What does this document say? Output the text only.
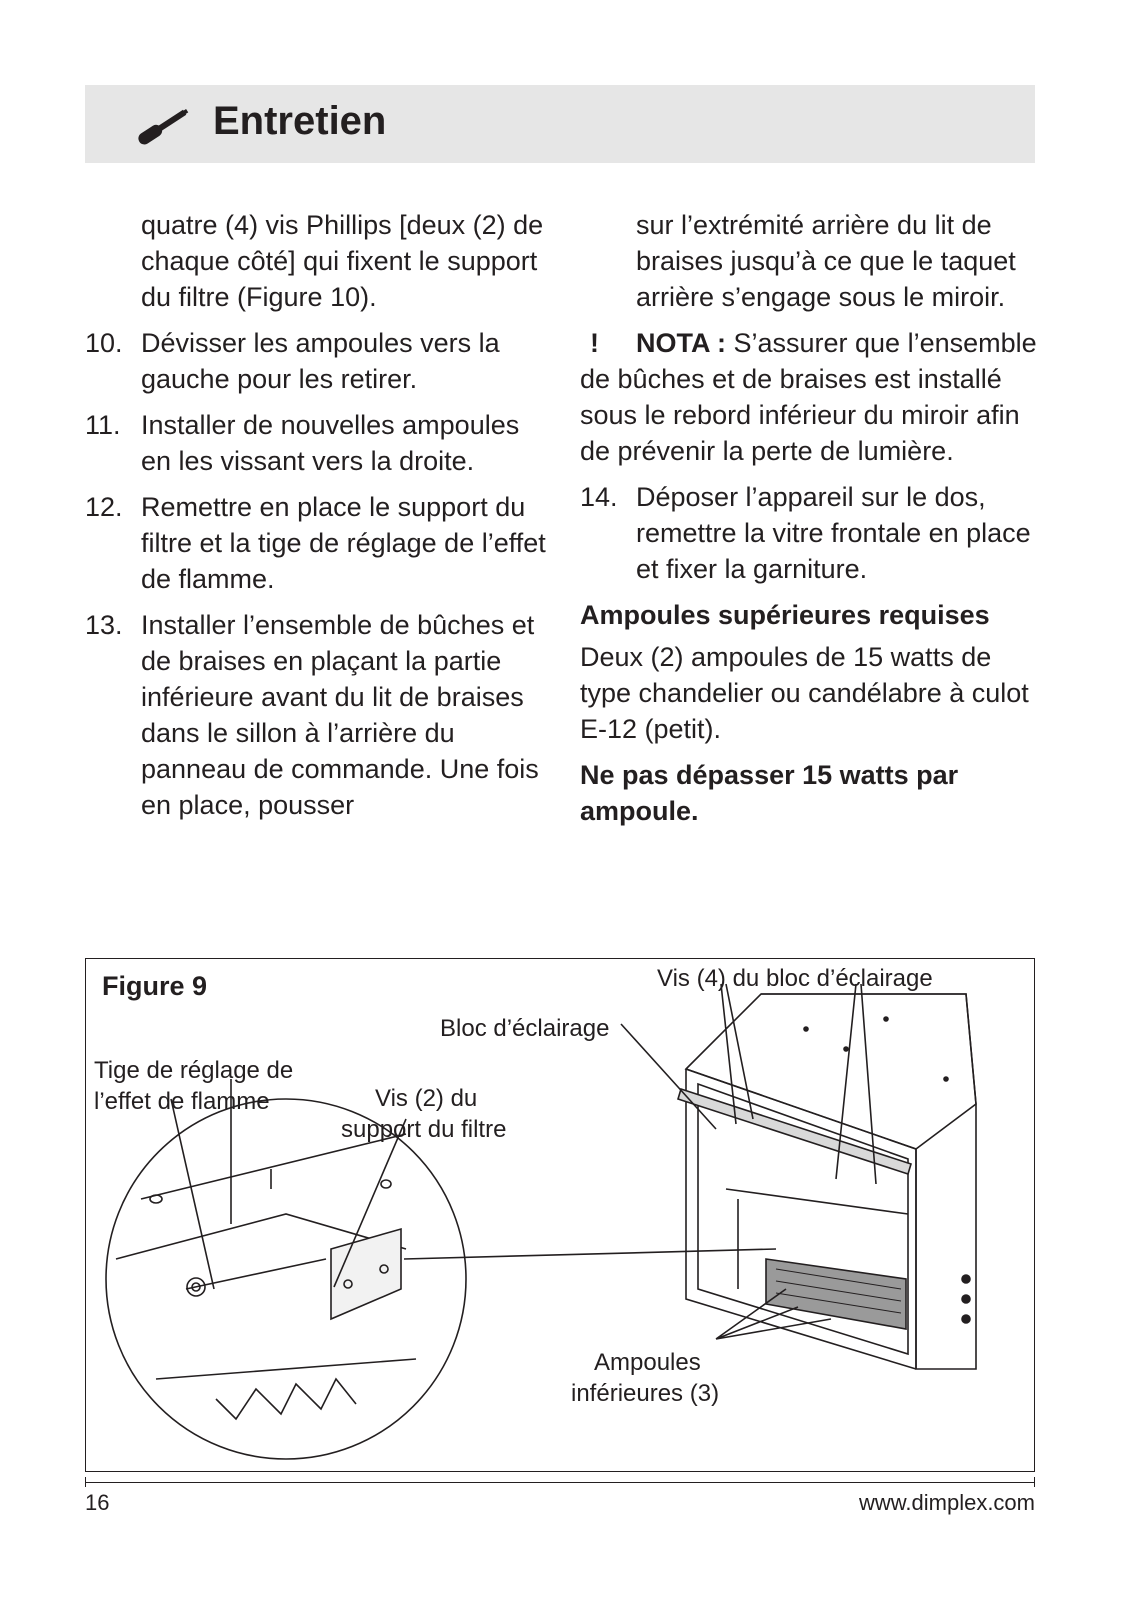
Entretien
quatre (4) vis Phillips [deux (2) de chaque côté] qui fixent le support du filtre (Figure 10).
10. Dévisser les ampoules vers la gauche pour les retirer.
11. Installer de nouvelles ampoules en les vissant vers la droite.
12. Remettre en place le support du filtre et la tige de réglage de l’effet de flamme.
13. Installer l’ensemble de bûches et de braises en plaçant la partie inférieure avant du lit de braises dans le sillon à l’arrière du panneau de commande. Une fois en place, pousser
sur l’extrémité arrière du lit de braises jusqu’à ce que le taquet arrière s’engage sous le miroir.
! NOTA : S’assurer que l’ensemble de bûches et de braises est installé sous le rebord inférieur du miroir afin de prévenir la perte de lumière.
14. Déposer l’appareil sur le dos, remettre la vitre frontale en place et fixer la garniture.
Ampoules supérieures requises
Deux (2) ampoules de 15 watts de type chandelier ou candélabre à culot E-12 (petit).
Ne pas dépasser 15 watts par ampoule.
Figure 9	Vis (4) du bloc d’éclairage
Bloc d’éclairage
Tige de réglage de
l’effet de flamme	Vis (2) du
support du filtre
Ampoules
inférieures (3)
16	www.dimplex.com
